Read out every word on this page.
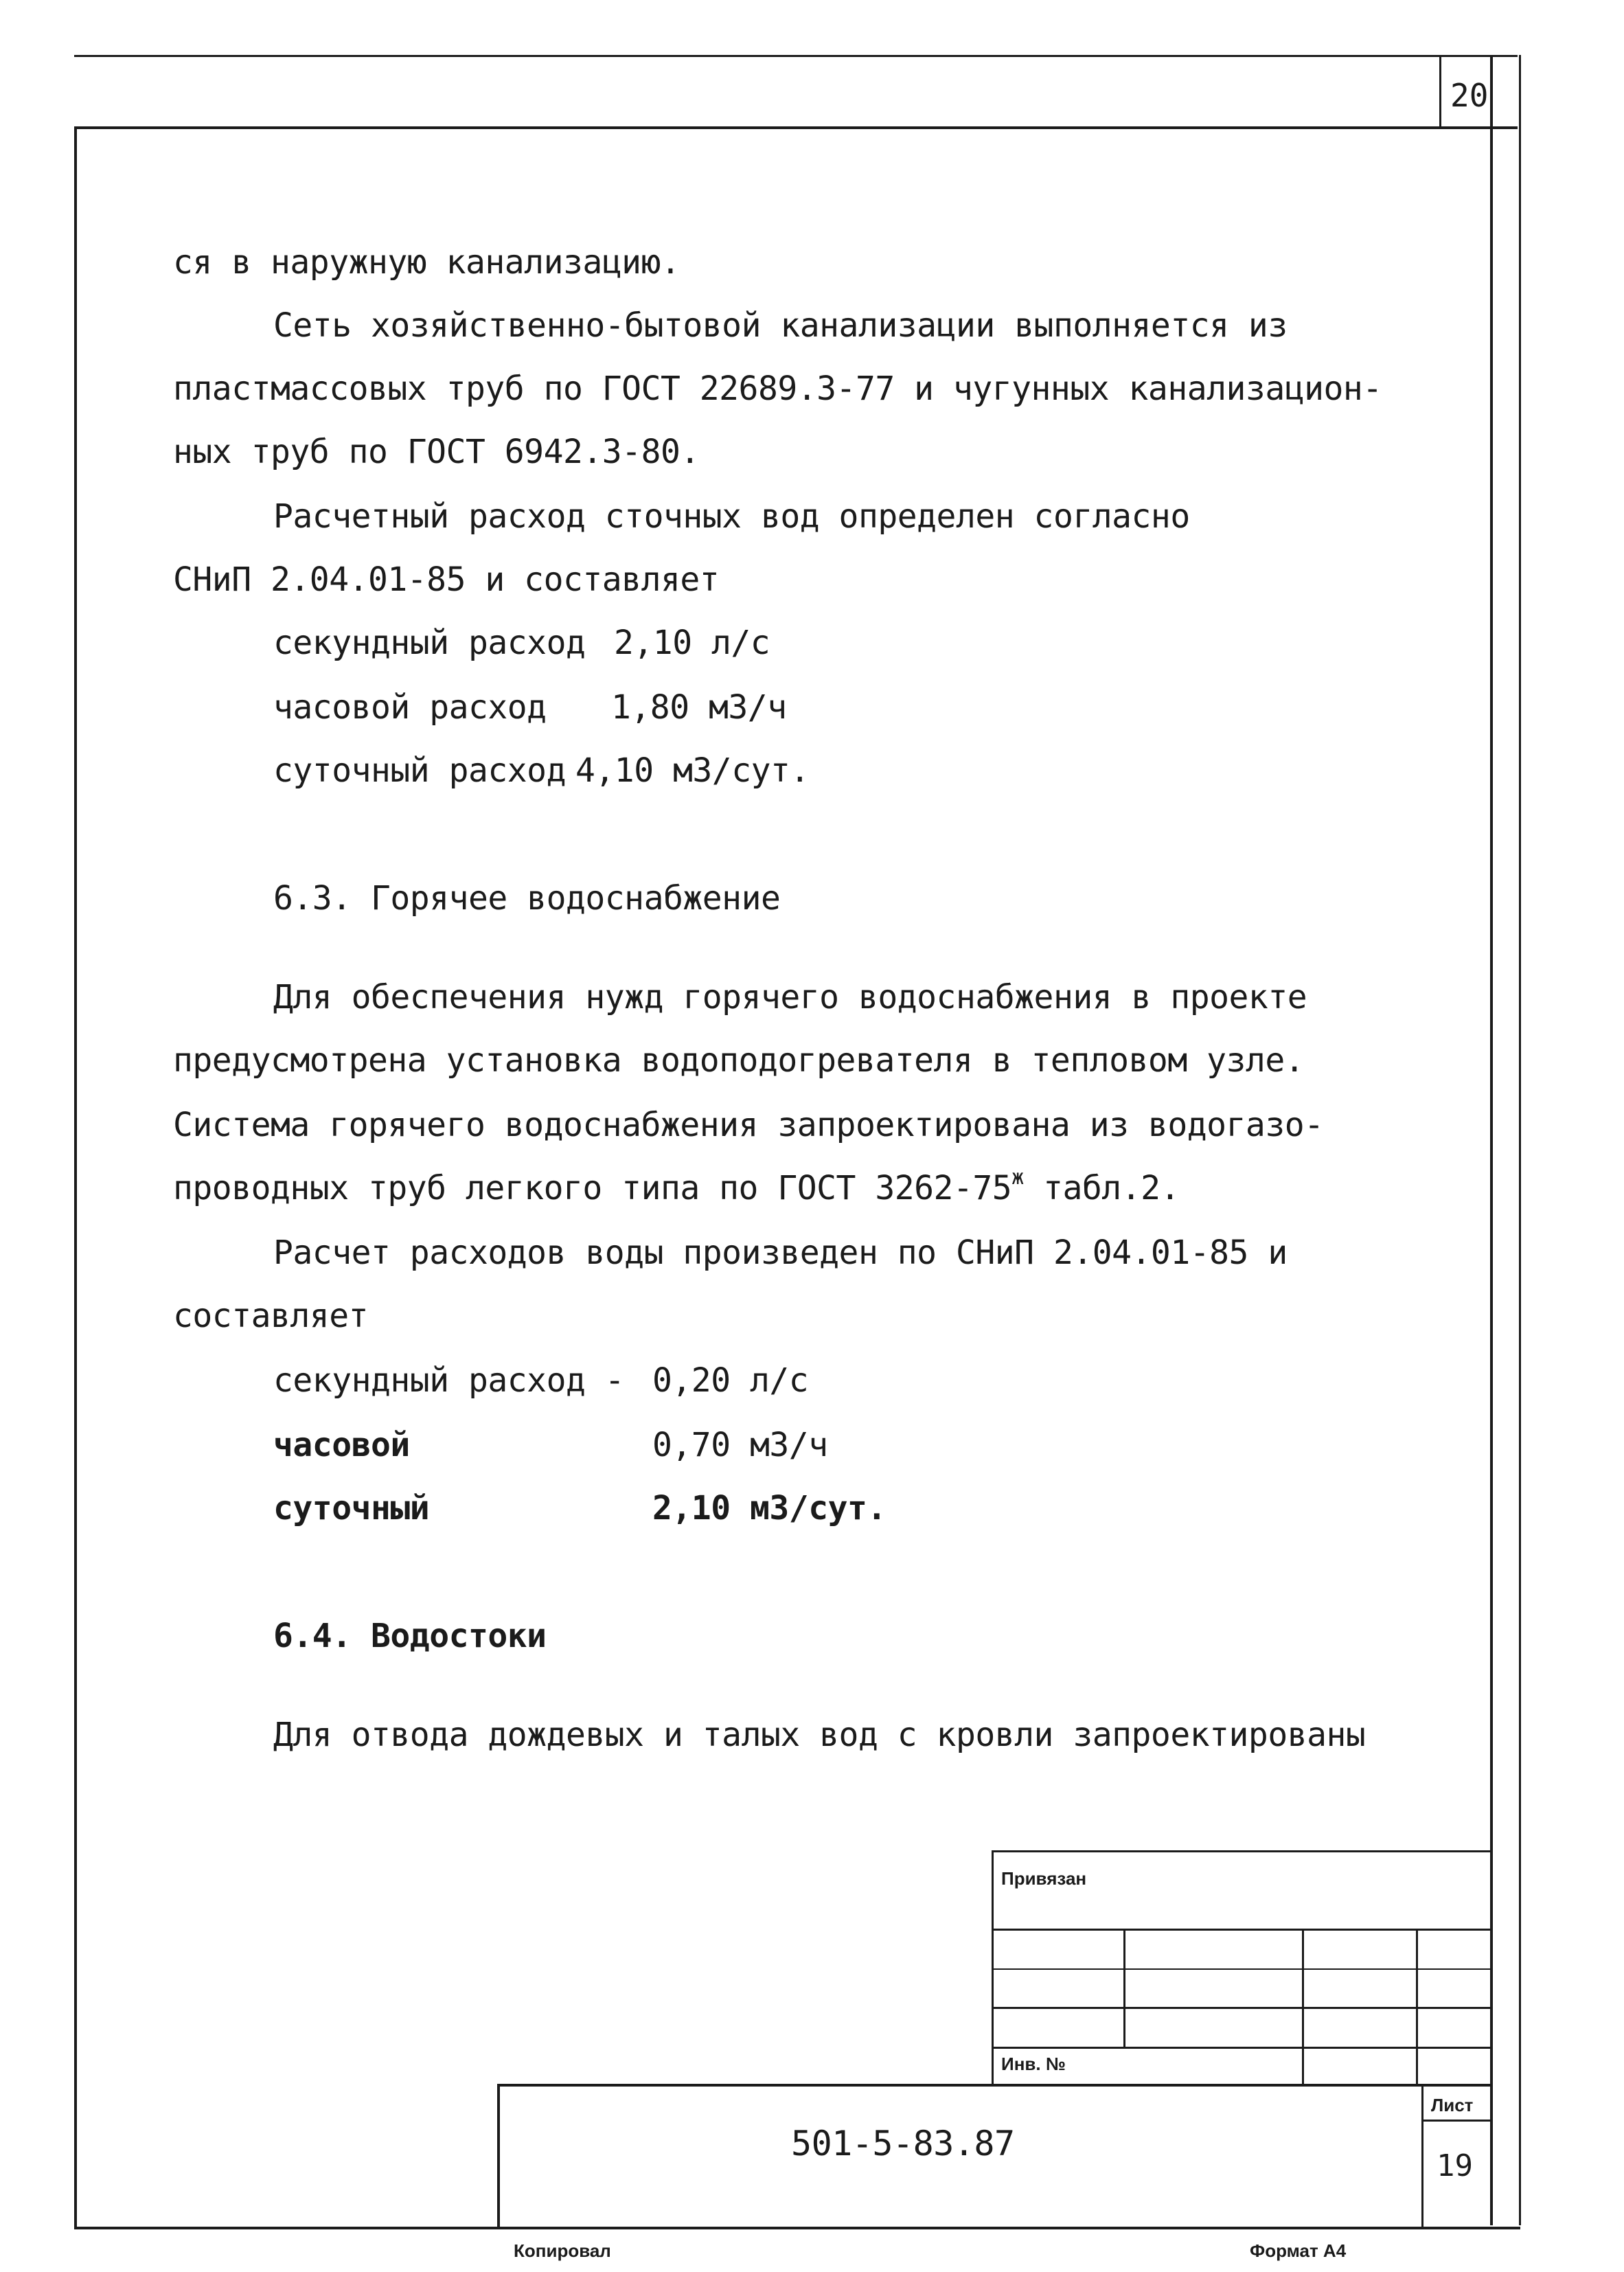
20
ся в наружную канализацию.
Сеть хозяйственно-бытовой канализации выполняется из
пластмассовых труб по ГОСТ 22689.3-77 и чугунных канализацион-
ных труб по ГОСТ 6942.3-80.
Расчетный расход сточных вод определен согласно
СНиП 2.04.01-85 и составляет
секундный расход 2,10 л/с
часовой расход 1,80 м3/ч
суточный расход 4,10 м3/сут.
6.3. Горячее водоснабжение
Для обеспечения нужд горячего водоснабжения в проекте
предусмотрена установка водоподогревателя в тепловом узле.
Система горячего водоснабжения запроектирована из водогазо-
проводных труб легкого типа по ГОСТ $3262-75^ж$ табл.2.
Расчет расходов воды произведен по СНиП 2.04.01-85 и
составляет
секундный расход - 0,20 л/с
часовой	0,70 м3/ч
суточный	2,10 м3/сут.
6.4. Водостоки
Для отвода дождевых и талых вод с кровли запроектированы
Привязан
Инв. №
501-5-83.87
Лист
19
Копировал	Формат А4
